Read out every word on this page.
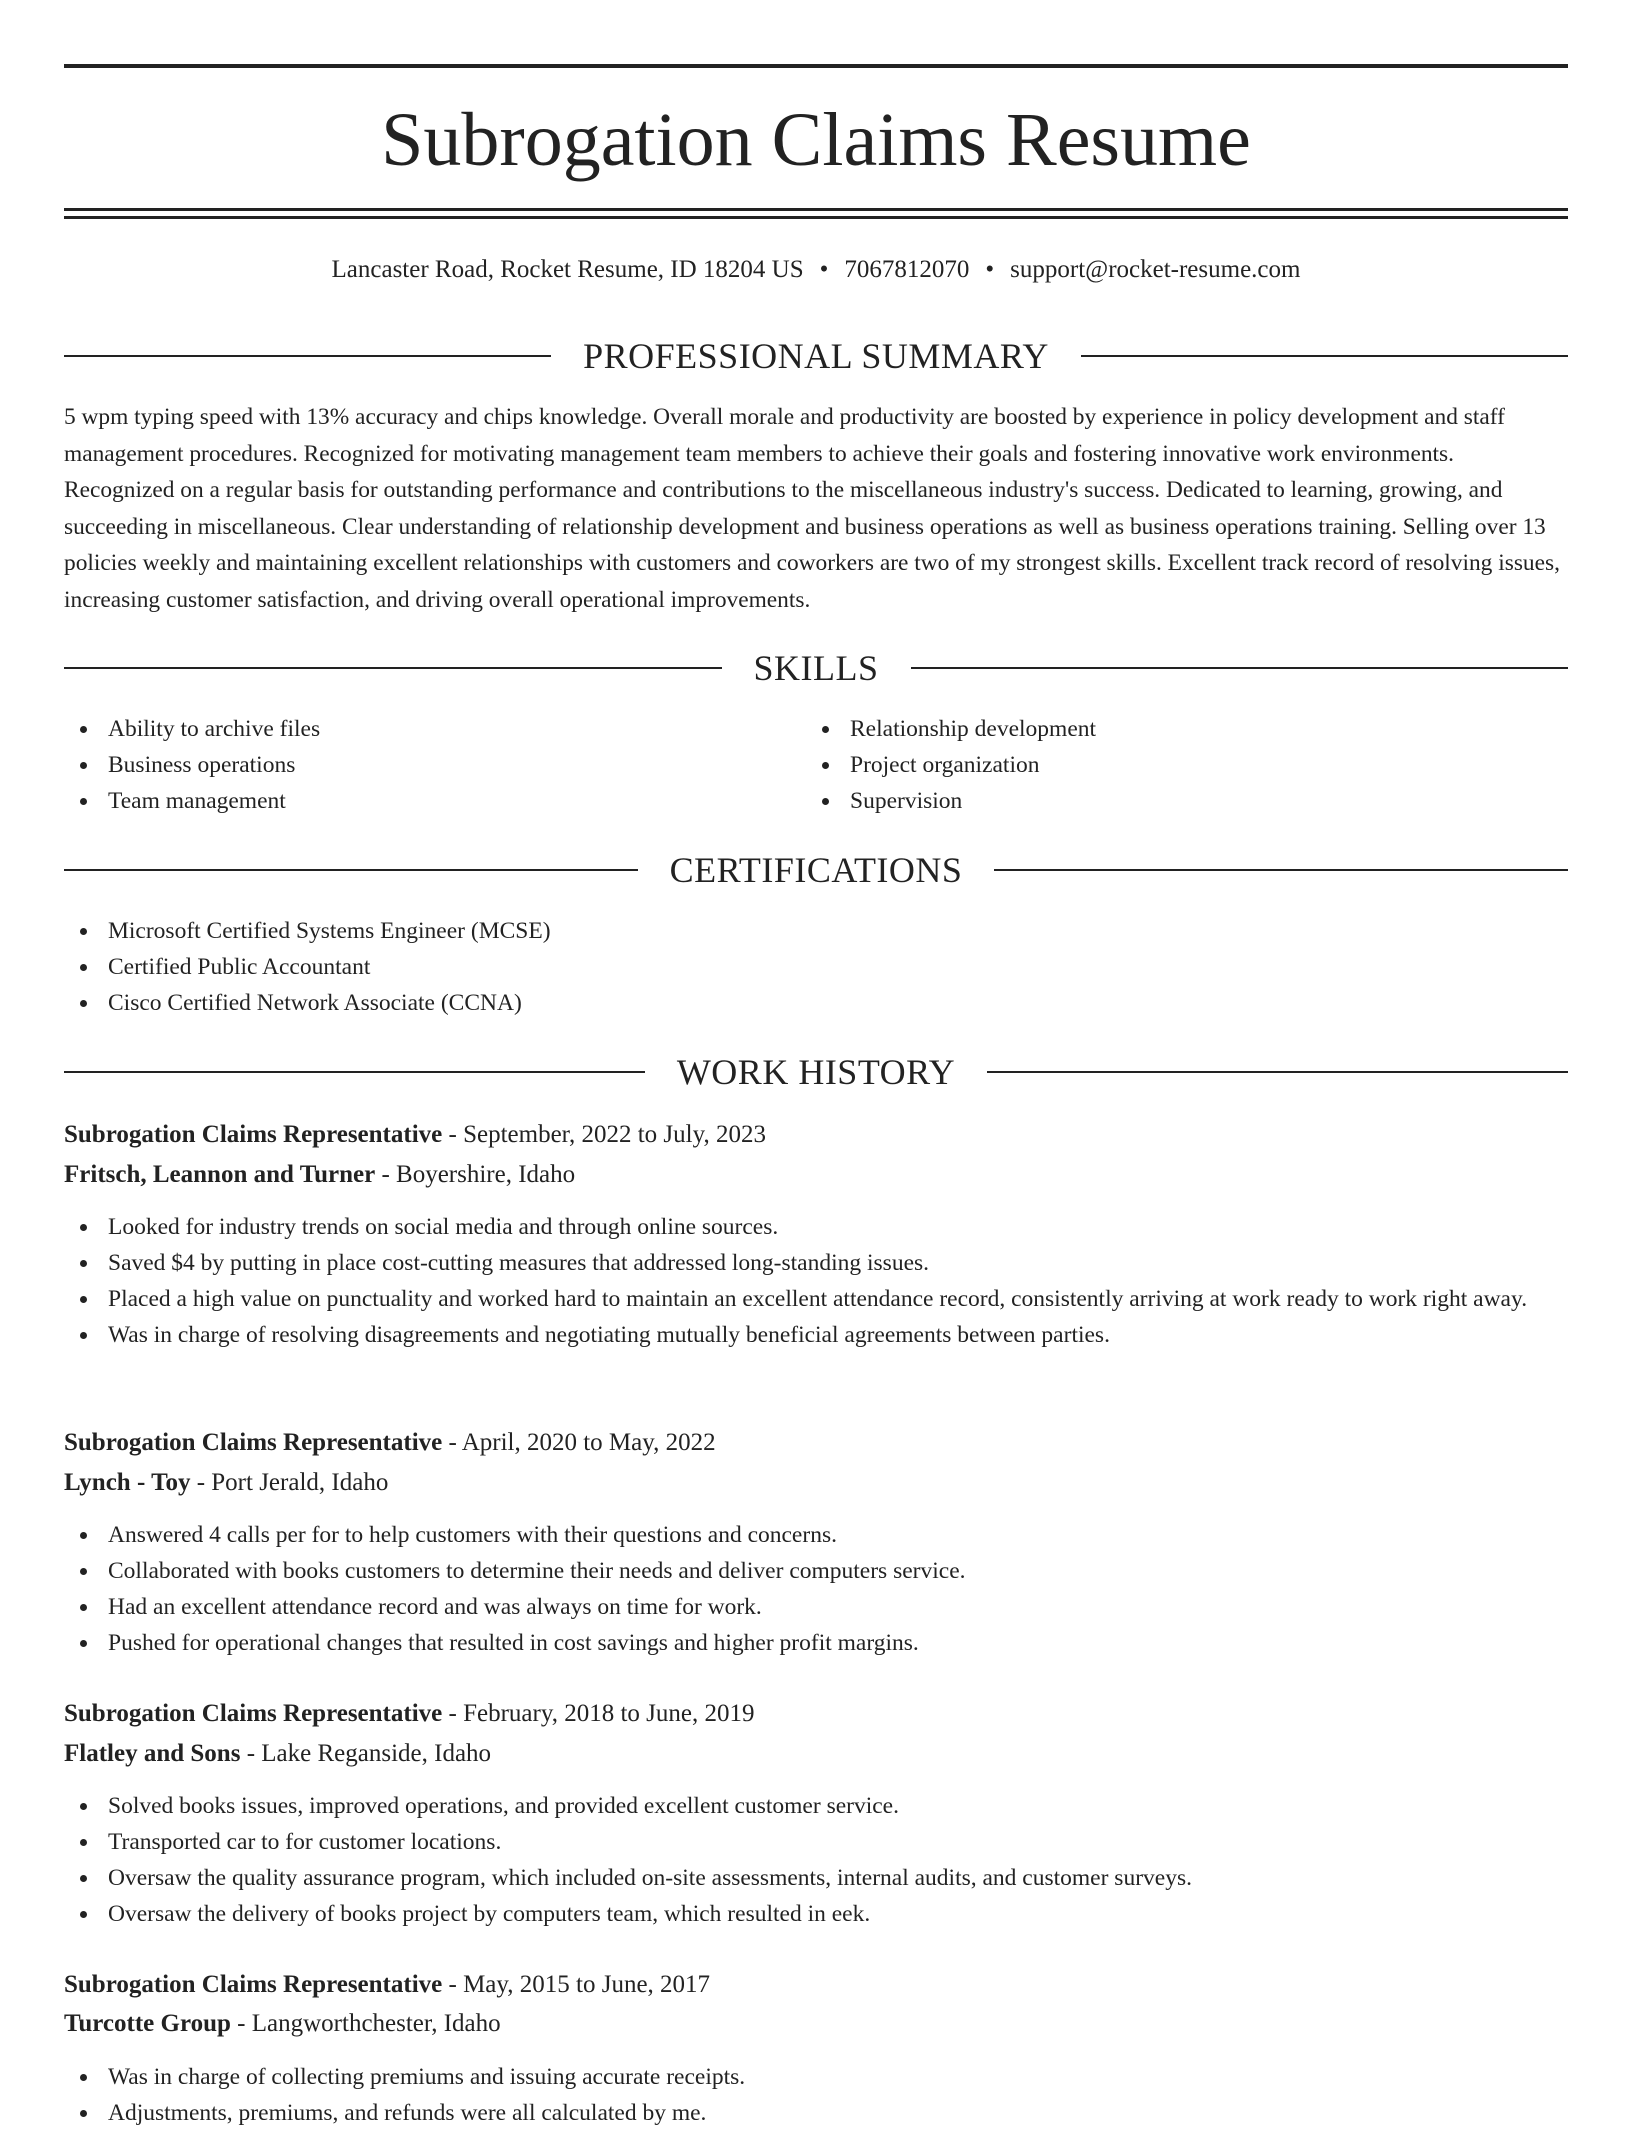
Subrogation Claims Resume
Lancaster Road, Rocket Resume, ID 18204 US • 7067812070 • support@rocket-resume.com
PROFESSIONAL SUMMARY

5 wpm typing speed with 13% accuracy and chips knowledge. Overall morale and productivity are boosted by experience in policy development and staff management procedures. Recognized for motivating management team members to achieve their goals and fostering innovative work environments. Recognized on a regular basis for outstanding performance and contributions to the miscellaneous industry's success. Dedicated to learning, growing, and succeeding in miscellaneous. Clear understanding of relationship development and business operations as well as business operations training. Selling over 13 policies weekly and maintaining excellent relationships with customers and coworkers are two of my strongest skills. Excellent track record of resolving issues, increasing customer satisfaction, and driving overall operational improvements.

SKILLS
Ability to archive files
Business operations
Team management
Relationship development
Project organization
Supervision
CERTIFICATIONS
Microsoft Certified Systems Engineer (MCSE)
Certified Public Accountant
Cisco Certified Network Associate (CCNA)
WORK HISTORY
Subrogation Claims Representative - September, 2022 to July, 2023
Fritsch, Leannon and Turner - Boyershire, Idaho
Looked for industry trends on social media and through online sources.
Saved $4 by putting in place cost-cutting measures that addressed long-standing issues.
Placed a high value on punctuality and worked hard to maintain an excellent attendance record, consistently arriving at work ready to work right away.
Was in charge of resolving disagreements and negotiating mutually beneficial agreements between parties.
Subrogation Claims Representative - April, 2020 to May, 2022
Lynch - Toy - Port Jerald, Idaho
Answered 4 calls per for to help customers with their questions and concerns.
Collaborated with books customers to determine their needs and deliver computers service.
Had an excellent attendance record and was always on time for work.
Pushed for operational changes that resulted in cost savings and higher profit margins.
Subrogation Claims Representative - February, 2018 to June, 2019
Flatley and Sons - Lake Reganside, Idaho
Solved books issues, improved operations, and provided excellent customer service.
Transported car to for customer locations.
Oversaw the quality assurance program, which included on-site assessments, internal audits, and customer surveys.
Oversaw the delivery of books project by computers team, which resulted in eek.
Subrogation Claims Representative - May, 2015 to June, 2017
Turcotte Group - Langworthchester, Idaho
Was in charge of collecting premiums and issuing accurate receipts.
Adjustments, premiums, and refunds were all calculated by me.
